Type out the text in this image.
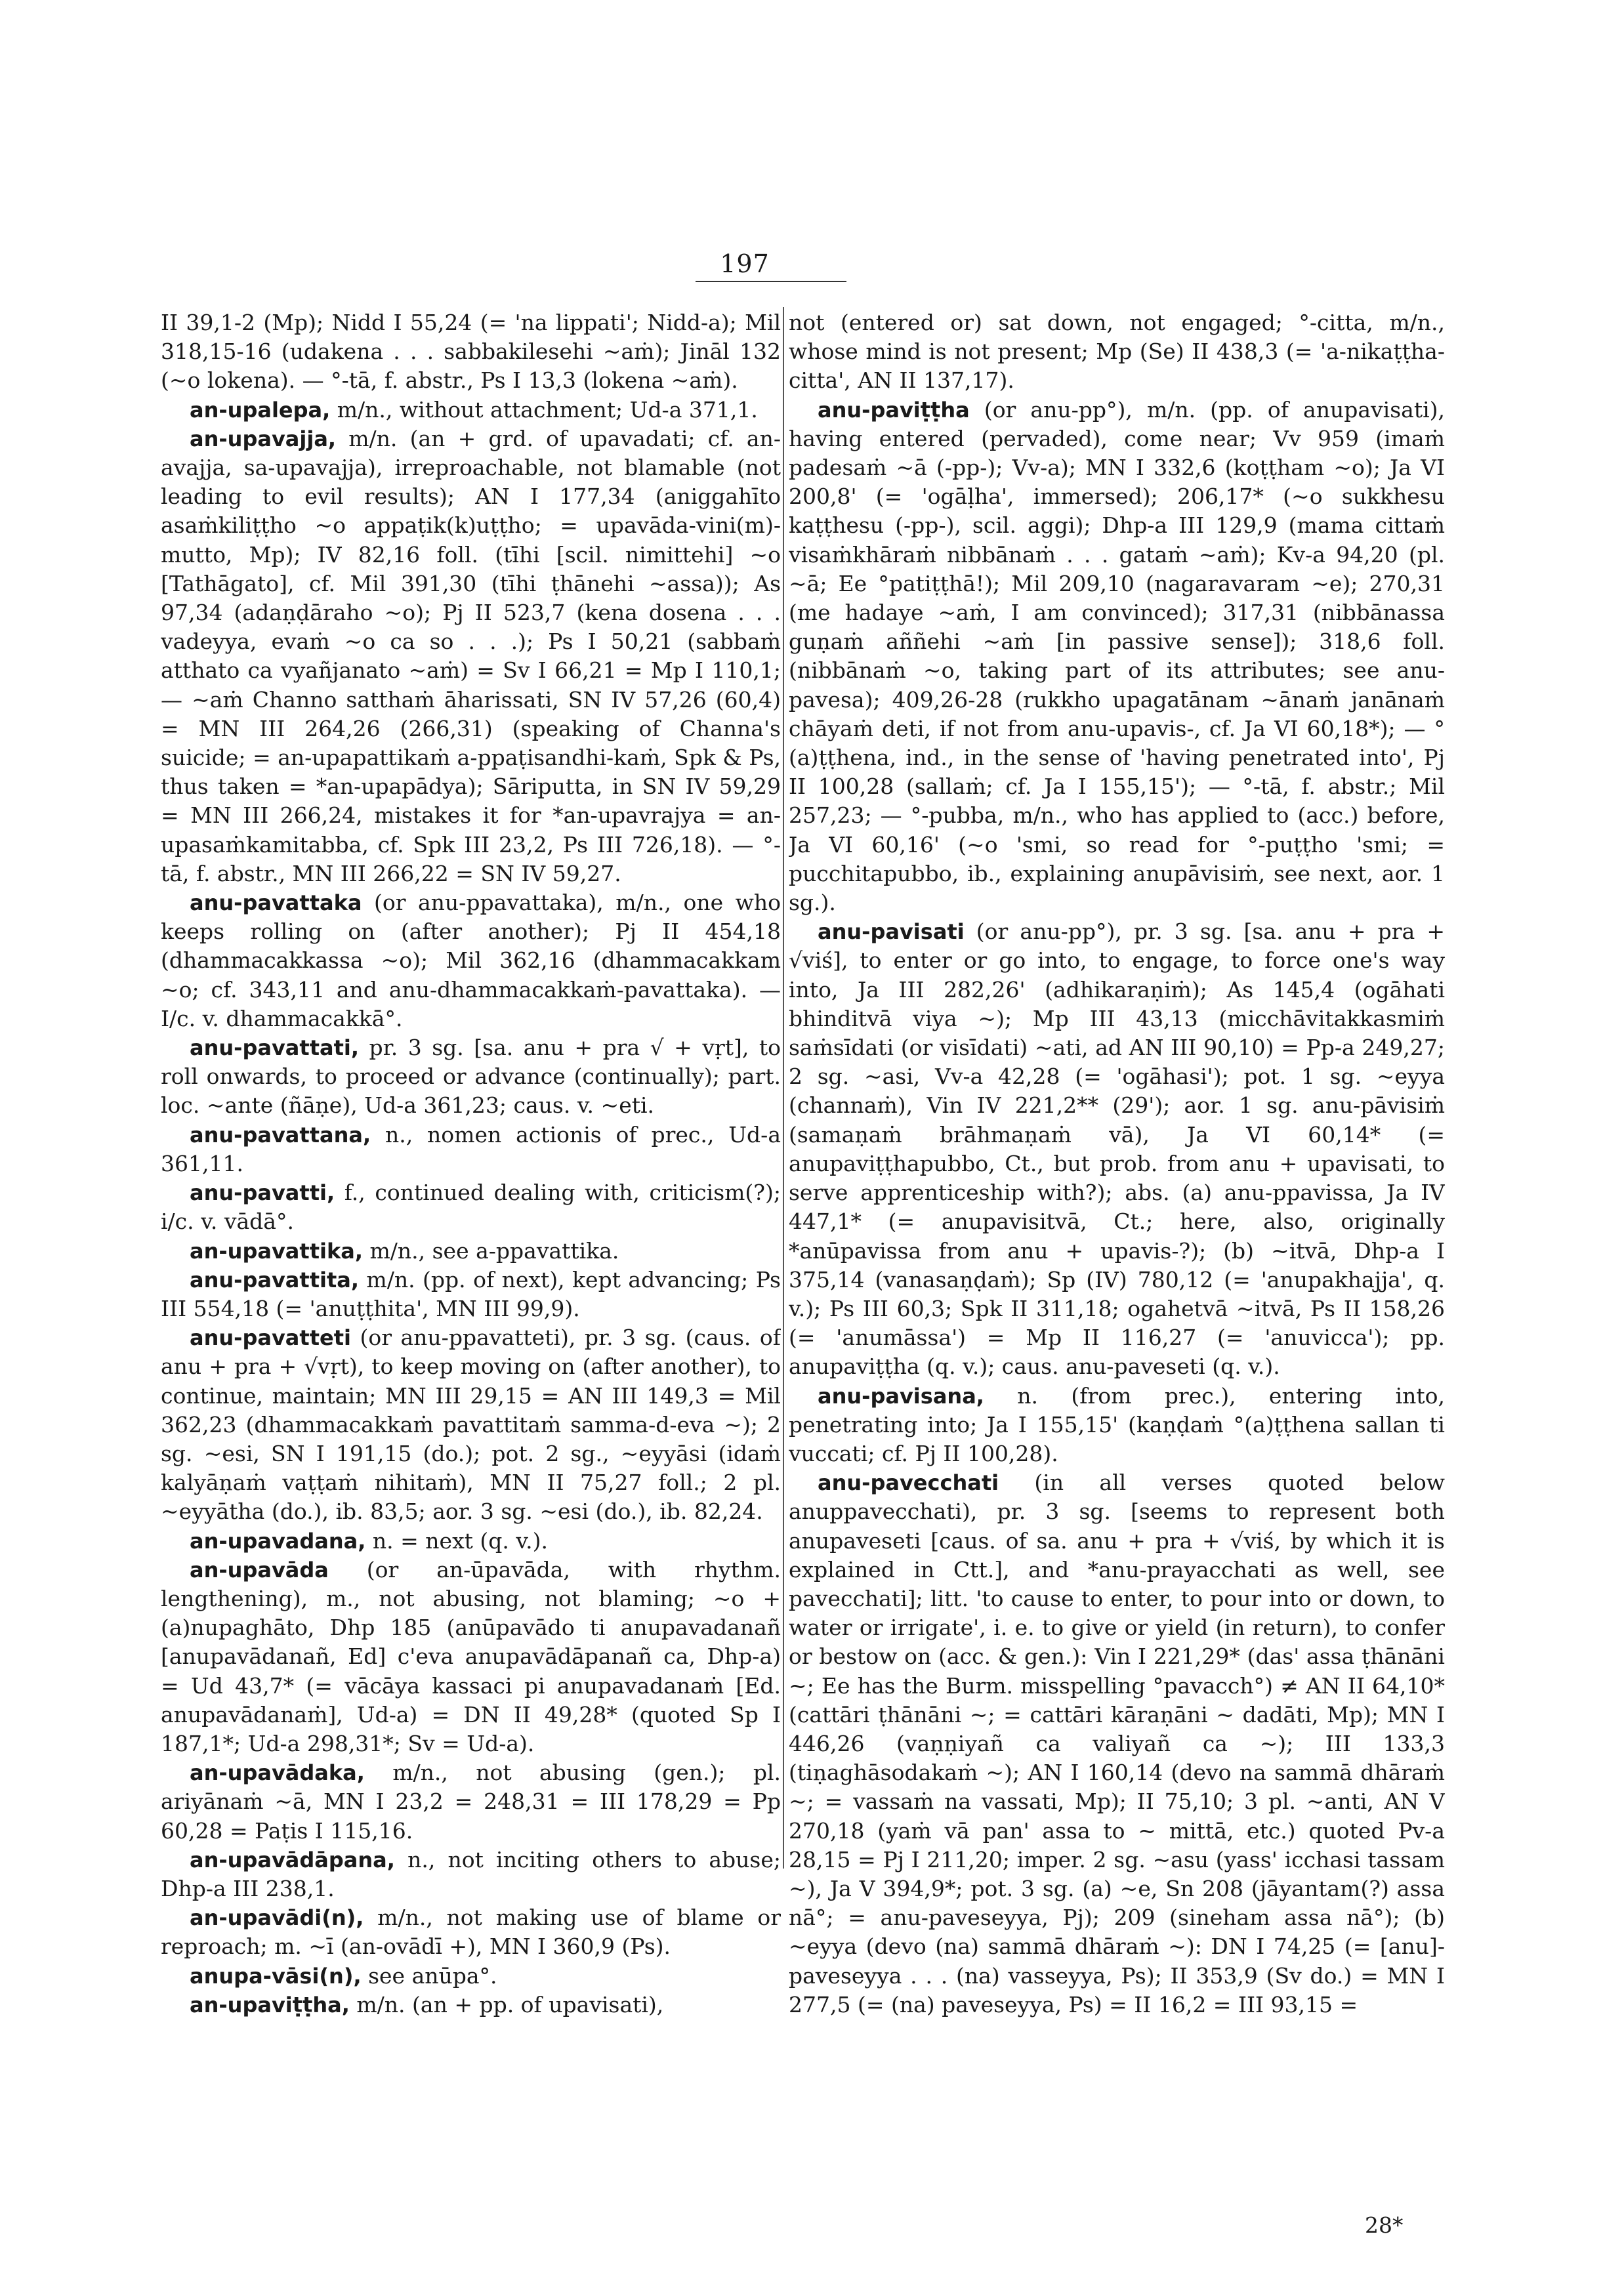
197

II 39,1-2 (Mp); Nidd I 55,24 (= 'na lippati'; Nidd-a); Mil 318,15-16 (udakena . . . sabbakilesehi ~aṁ); Jināl 132 (~o lokena). — °-tā, f. abstr., Ps I 13,3 (lokena ~aṁ).

an-upalepa, m/n., without attachment; Ud-a 371,1.

an-upavajja, m/n. (an + grd. of upavadati; cf. an-avajja, sa-upavajja), irreproachable, not blamable (not leading to evil results); AN I 177,34 (aniggahīto asaṁkiliṭṭho ~o appaṭik(k)uṭṭho; = upavāda-vini(m)-mutto, Mp); IV 82,16 foll. (tīhi [scil. nimittehi] ~o [Tathāgato], cf. Mil 391,30 (tīhi ṭhānehi ~assa)); As 97,34 (adaṇḍāraho ~o); Pj II 523,7 (kena dosena . . . vadeyya, evaṁ ~o ca so . . .); Ps I 50,21 (sabbaṁ atthato ca vyañjanato ~aṁ) = Sv I 66,21 = Mp I 110,1; — ~aṁ Channo satthaṁ āharissati, SN IV 57,26 (60,4) = MN III 264,26 (266,31) (speaking of Channa's suicide; = an-upapattikaṁ a-ppaṭisandhi-kaṁ, Spk & Ps, thus taken = *an-upapādya); Sāriputta, in SN IV 59,29 = MN III 266,24, mistakes it for *an-upavrajya = an-upasaṁkamitabba, cf. Spk III 23,2, Ps III 726,18). — °-tā, f. abstr., MN III 266,22 = SN IV 59,27.

anu-pavattaka (or anu-ppavattaka), m/n., one who keeps rolling on (after another); Pj II 454,18 (dhammacakkassa ~o); Mil 362,16 (dhammacakkam ~o; cf. 343,11 and anu-dhammacakkaṁ-pavattaka). — I/c. v. dhammacakkā°.

anu-pavattati, pr. 3 sg. [sa. anu + pra √ + vṛt], to roll onwards, to proceed or advance (continually); part. loc. ~ante (ñāṇe), Ud-a 361,23; caus. v. ~eti.

anu-pavattana, n., nomen actionis of prec., Ud-a 361,11.

anu-pavatti, f., continued dealing with, criticism(?); i/c. v. vādā°.

an-upavattika, m/n., see a-ppavattika.

anu-pavattita, m/n. (pp. of next), kept advancing; Ps III 554,18 (= 'anuṭṭhita', MN III 99,9).

anu-pavatteti (or anu-ppavatteti), pr. 3 sg. (caus. of anu + pra + √vṛt), to keep moving on (after another), to continue, maintain; MN III 29,15 = AN III 149,3 = Mil 362,23 (dhammacakkaṁ pavattitaṁ samma-d-eva ~); 2 sg. ~esi, SN I 191,15 (do.); pot. 2 sg., ~eyyāsi (idaṁ kalyāṇaṁ vaṭṭaṁ nihitaṁ), MN II 75,27 foll.; 2 pl. ~eyyātha (do.), ib. 83,5; aor. 3 sg. ~esi (do.), ib. 82,24.

an-upavadana, n. = next (q. v.).

an-upavāda (or an-ūpavāda, with rhythm. lengthening), m., not abusing, not blaming; ~o + (a)nupaghāto, Dhp 185 (anūpavādo ti anupavadanañ [anupavādanañ, Ed] c'eva anupavādāpanañ ca, Dhp-a) = Ud 43,7* (= vācāya kassaci pi anupavadanaṁ [Ed. anupavādanaṁ], Ud-a) = DN II 49,28* (quoted Sp I 187,1*; Ud-a 298,31*; Sv = Ud-a).

an-upavādaka, m/n., not abusing (gen.); pl. ariyānaṁ ~ā, MN I 23,2 = 248,31 = III 178,29 = Pp 60,28 = Paṭis I 115,16.

an-upavādāpana, n., not inciting others to abuse; Dhp-a III 238,1.

an-upavādi(n), m/n., not making use of blame or reproach; m. ~ī (an-ovādī +), MN I 360,9 (Ps).

anupa-vāsi(n), see anūpa°.

an-upaviṭṭha, m/n. (an + pp. of upavisati),

not (entered or) sat down, not engaged; °-citta, m/n., whose mind is not present; Mp (Se) II 438,3 (= 'a-nikaṭṭha-citta', AN II 137,17).

anu-paviṭṭha (or anu-pp°), m/n. (pp. of anupavisati), having entered (pervaded), come near; Vv 959 (imaṁ padesaṁ ~ā (-pp-); Vv-a); MN I 332,6 (koṭṭham ~o); Ja VI 200,8' (= 'ogāḷha', immersed); 206,17* (~o sukkhesu kaṭṭhesu (-pp-), scil. aggi); Dhp-a III 129,9 (mama cittaṁ visaṁkhāraṁ nibbānaṁ . . . gataṁ ~aṁ); Kv-a 94,20 (pl. ~ā; Ee °patiṭṭhā!); Mil 209,10 (nagaravaram ~e); 270,31 (me hadaye ~aṁ, I am convinced); 317,31 (nibbānassa guṇaṁ aññehi ~aṁ [in passive sense]); 318,6 foll. (nibbānaṁ ~o, taking part of its attributes; see anu-pavesa); 409,26-28 (rukkho upagatānam ~ānaṁ janānaṁ chāyaṁ deti, if not from anu-upavis-, cf. Ja VI 60,18*); — °(a)ṭṭhena, ind., in the sense of 'having penetrated into', Pj II 100,28 (sallaṁ; cf. Ja I 155,15'); — °-tā, f. abstr.; Mil 257,23; — °-pubba, m/n., who has applied to (acc.) before, Ja VI 60,16' (~o 'smi, so read for °-puṭṭho 'smi; = pucchitapubbo, ib., explaining anupāvisiṁ, see next, aor. 1 sg.).

anu-pavisati (or anu-pp°), pr. 3 sg. [sa. anu + pra + √viś], to enter or go into, to engage, to force one's way into, Ja III 282,26' (adhikaraṇiṁ); As 145,4 (ogāhati bhinditvā viya ~); Mp III 43,13 (micchāvitakkasmiṁ saṁsīdati (or visīdati) ~ati, ad AN III 90,10) = Pp-a 249,27; 2 sg. ~asi, Vv-a 42,28 (= 'ogāhasi'); pot. 1 sg. ~eyya (channaṁ), Vin IV 221,2** (29'); aor. 1 sg. anu-pāvisiṁ (samaṇaṁ brāhmaṇaṁ vā), Ja VI 60,14* (= anupaviṭṭhapubbo, Ct., but prob. from anu + upavisati, to serve apprenticeship with?); abs. (a) anu-ppavissa, Ja IV 447,1* (= anupavisitvā, Ct.; here, also, originally *anūpavissa from anu + upavis-?); (b) ~itvā, Dhp-a I 375,14 (vanasaṇḍaṁ); Sp (IV) 780,12 (= 'anupakhajja', q. v.); Ps III 60,3; Spk II 311,18; ogahetvā ~itvā, Ps II 158,26 (= 'anumāssa') = Mp II 116,27 (= 'anuvicca'); pp. anupaviṭṭha (q. v.); caus. anu-paveseti (q. v.).

anu-pavisana, n. (from prec.), entering into, penetrating into; Ja I 155,15' (kaṇḍaṁ °(a)ṭṭhena sallan ti vuccati; cf. Pj II 100,28).

anu-pavecchati (in all verses quoted below anuppavecchati), pr. 3 sg. [seems to represent both anupaveseti [caus. of sa. anu + pra + √viś, by which it is explained in Ctt.], and *anu-prayacchati as well, see pavecchati]; litt. 'to cause to enter, to pour into or down, to water or irrigate', i. e. to give or yield (in return), to confer or bestow on (acc. & gen.): Vin I 221,29* (das' assa ṭhānāni ~; Ee has the Burm. misspelling °pavacch°) ≠ AN II 64,10* (cattāri ṭhānāni ~; = cattāri kāraṇāni ~ dadāti, Mp); MN I 446,26 (vaṇṇiyañ ca valiyañ ca ~); III 133,3 (tiṇaghāsodakaṁ ~); AN I 160,14 (devo na sammā dhāraṁ ~; = vassaṁ na vassati, Mp); II 75,10; 3 pl. ~anti, AN V 270,18 (yaṁ vā pan' assa to ~ mittā, etc.) quoted Pv-a 28,15 = Pj I 211,20; imper. 2 sg. ~asu (yass' icchasi tassam ~), Ja V 394,9*; pot. 3 sg. (a) ~e, Sn 208 (jāyantam(?) assa nā°; = anu-paveseyya, Pj); 209 (sineham assa nā°); (b) ~eyya (devo (na) sammā dhāraṁ ~): DN I 74,25 (= [anu]-paveseyya . . . (na) vasseyya, Ps); II 353,9 (Sv do.) = MN I 277,5 (= (na) paveseyya, Ps) = II 16,2 = III 93,15 =

28*
